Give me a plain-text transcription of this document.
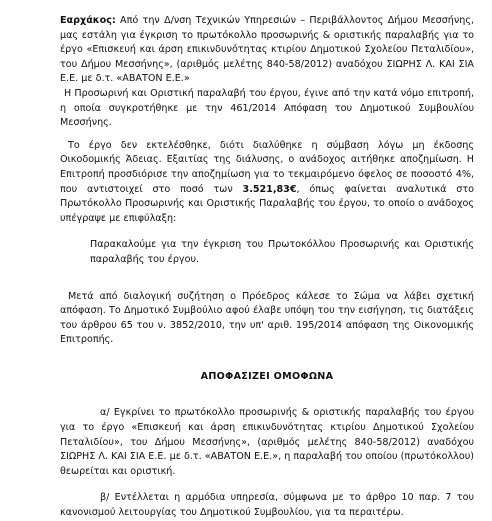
Εαρχάκος: Από την Δ/νση Τεχνικών Υπηρεσιών – Περιβάλλοντος Δήμου Μεσσήνης, μας εστάλη για έγκριση το πρωτόκολλο προσωρινής & οριστικής παραλαβής για το έργο «Επισκευή και άρση επικινδυνότητας κτιρίου Δημοτικού Σχολείου Πεταλιδίου», του Δήμου Μεσσήνης», (αριθμός μελέτης 840-58/2012) αναδόχου ΣΙΩΡΗΣ Λ. ΚΑΙ ΣΙΑ Ε.Ε. με δ.τ. «ΑΒΑΤΟΝ Ε.Ε.»

Η Προσωρινή και Οριστική παραλαβή του έργου, έγινε από την κατά νόμο επιτροπή, η οποία συγκροτήθηκε με την 461/2014 Απόφαση του Δημοτικού Συμβουλίου Μεσσήνης.

Το έργο δεν εκτελέσθηκε, διότι διαλύθηκε η σύμβαση λόγω μη έκδοσης Οικοδομικής Άδειας. Εξαιτίας της διάλυσης, ο ανάδοχος αιτήθηκε αποζημίωση. Η Επιτροπή προσδιόρισε την αποζημίωση για το τεκμαιρόμενο όφελος σε ποσοστό 4%, που αντιστοιχεί στο ποσό των 3.521,83€, όπως φαίνεται αναλυτικά στο Πρωτόκολλο Προσωρινής και Οριστικής Παραλαβής του έργου, το οποίο ο ανάδοχος υπέγραψε με επιφύλαξη:

Παρακαλούμε για την έγκριση του Πρωτοκόλλου Προσωρινής και Οριστικής παραλαβής του έργου.

Μετά από διαλογική συζήτηση ο Πρόεδρος κάλεσε το Σώμα να λάβει σχετική απόφαση. Το Δημοτικό Συμβούλιο αφού έλαβε υπόψη του την εισήγηση, τις διατάξεις του άρθρου 65 του ν. 3852/2010, την υπ' αριθ. 195/2014 απόφαση της Οικονομικής Επιτροπής.

ΑΠΟΦΑΣΙΖΕΙ ΟΜΟΦΩΝΑ

α/ Εγκρίνει το πρωτόκολλο προσωρινής & οριστικής παραλαβής του έργου για το έργο «Επισκευή και άρση επικινδυνότητας κτιρίου Δημοτικού Σχολείου Πεταλιδίου», του Δήμου Μεσσήνης», (αριθμός μελέτης 840-58/2012) αναδόχου ΣΙΩΡΗΣ Λ. ΚΑΙ ΣΙΑ Ε.Ε. με δ.τ. «ΑΒΑΤΟΝ Ε.Ε.», η παραλαβή του οποίου (πρωτόκολλου) θεωρείται και οριστική.

β/ Εντέλλεται η αρμόδια υπηρεσία, σύμφωνα με το άρθρο 10 παρ. 7 του κανονισμού λειτουργίας του Δημοτικού Συμβουλίου, για τα περαιτέρω.
